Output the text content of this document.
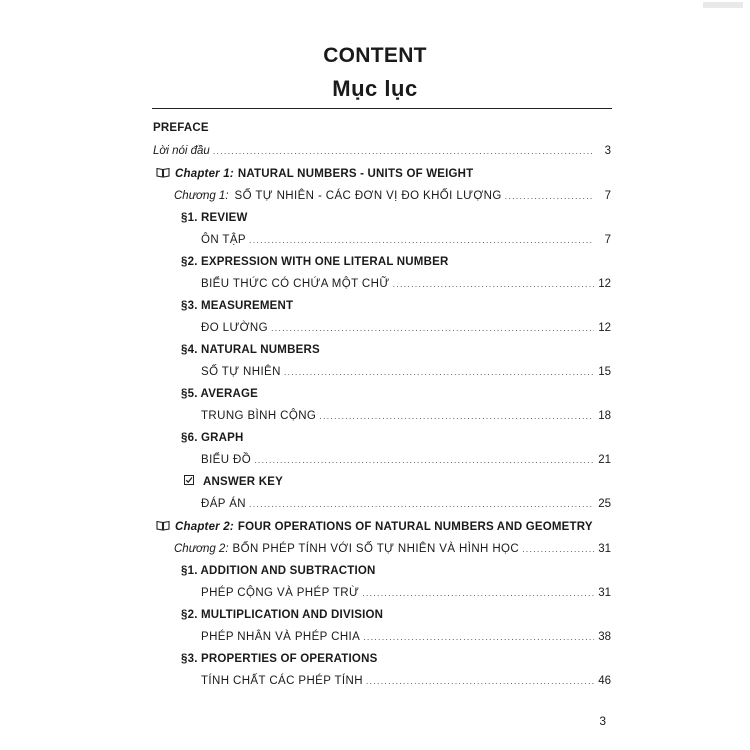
CONTENT
Mục lục
PREFACE
Lời nói đầu .....	3
Chapter 1: NATURAL NUMBERS - UNITS OF WEIGHT
Chương 1: SỐ TỰ NHIÊN - CÁC ĐƠN VỊ ĐO KHỐI LƯỢNG .....	7
§1. REVIEW
ÔN TẬP .....	7
§2. EXPRESSION WITH ONE LITERAL NUMBER
BIỂU THỨC CÓ CHỨA MỘT CHỮ .....	12
§3. MEASUREMENT
ĐO LƯỜNG .....	12
§4. NATURAL NUMBERS
SỐ TỰ NHIÊN .....	15
§5. AVERAGE
TRUNG BÌNH CỘNG .....	18
§6. GRAPH
BIỂU ĐỒ .....	21
ANSWER KEY
ĐÁP ÁN .....	25
Chapter 2: FOUR OPERATIONS OF NATURAL NUMBERS AND GEOMETRY
Chương 2: BỐN PHÉP TÍNH VỚI SỐ TỰ NHIÊN VÀ HÌNH HỌC .....	31
§1. ADDITION AND SUBTRACTION
PHÉP CỘNG VÀ PHÉP TRỪ .....	31
§2. MULTIPLICATION AND DIVISION
PHÉP NHÂN VÀ PHÉP CHIA .....	38
§3. PROPERTIES OF OPERATIONS
TÍNH CHẤT CÁC PHÉP TÍNH .....	46
3
